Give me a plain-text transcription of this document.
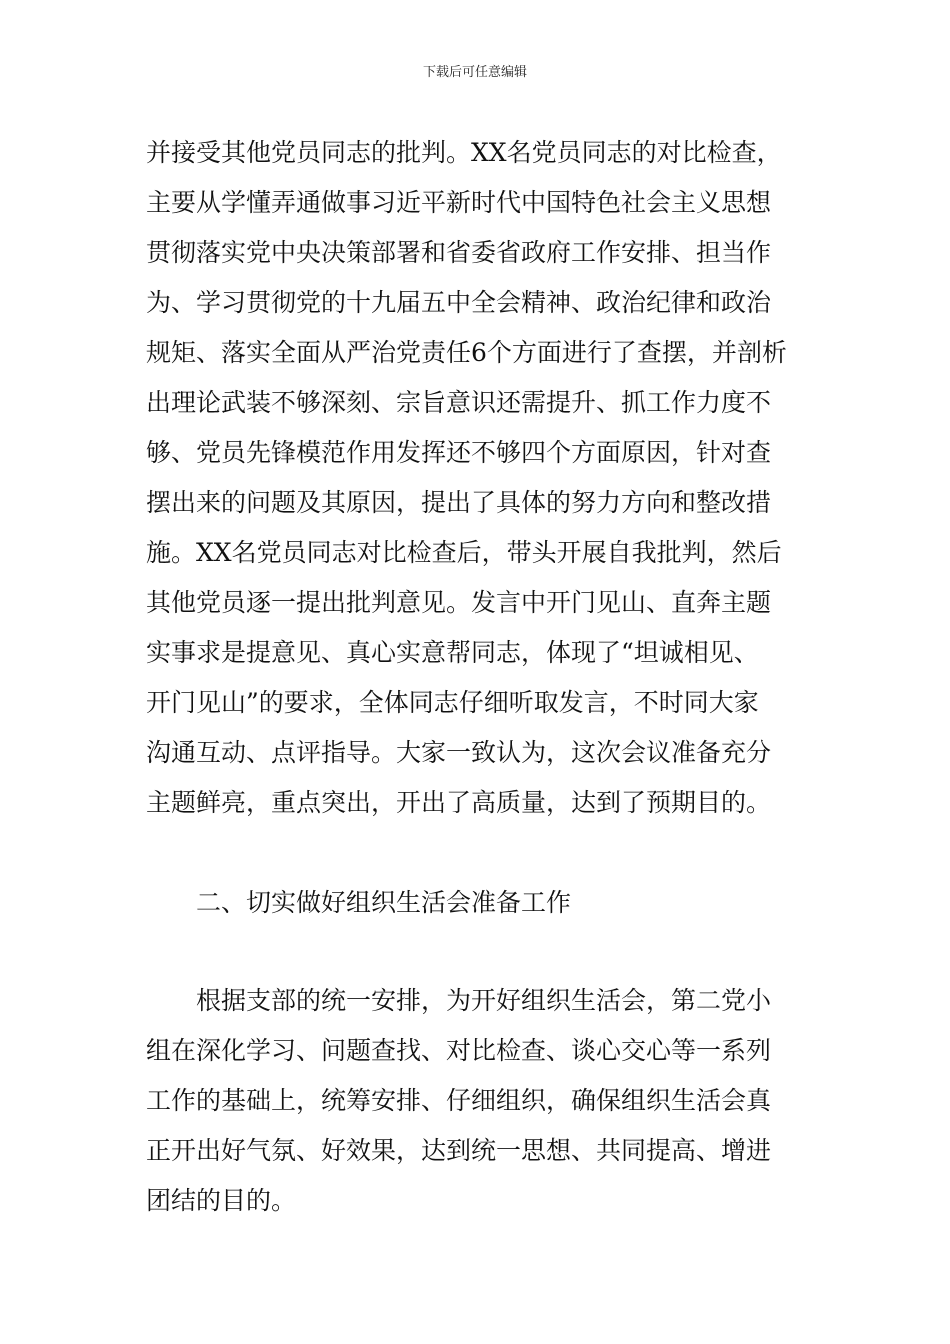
下载后可任意编辑
并接受其他党员同志的批判。XX名党员同志的对比检查，
主要从学懂弄通做事习近平新时代中国特色社会主义思想
贯彻落实党中央决策部署和省委省政府工作安排、担当作
为、学习贯彻党的十九届五中全会精神、政治纪律和政治
规矩、落实全面从严治党责任6个方面进行了查摆，并剖析
出理论武装不够深刻、宗旨意识还需提升、抓工作力度不
够、党员先锋模范作用发挥还不够四个方面原因，针对查
摆出来的问题及其原因，提出了具体的努力方向和整改措
施。XX名党员同志对比检查后，带头开展自我批判，然后
其他党员逐一提出批判意见。发言中开门见山、直奔主题
实事求是提意见、真心实意帮同志，体现了“坦诚相见、
开门见山”的要求，全体同志仔细听取发言，不时同大家
沟通互动、点评指导。大家一致认为，这次会议准备充分
主题鲜亮，重点突出，开出了高质量，达到了预期目的。
二、切实做好组织生活会准备工作
　　根据支部的统一安排，为开好组织生活会，第二党小
组在深化学习、问题查找、对比检查、谈心交心等一系列
工作的基础上，统筹安排、仔细组织，确保组织生活会真
正开出好气氛、好效果，达到统一思想、共同提高、增进
团结的目的。
